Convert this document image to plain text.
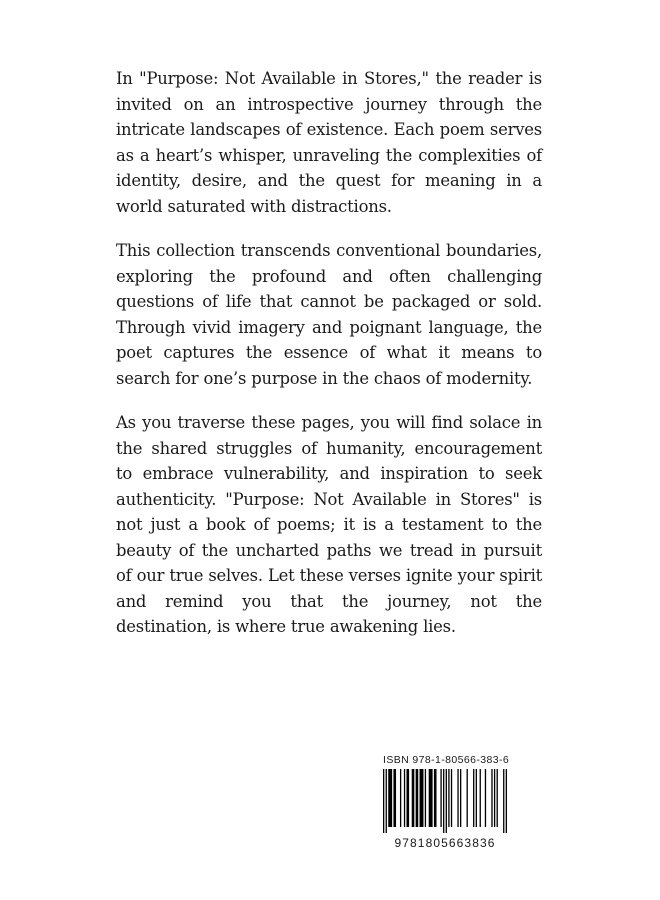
In "Purpose: Not Available in Stores," the reader is invited on an introspective journey through the intricate landscapes of existence. Each poem serves as a heart’s whisper, unraveling the complexities of identity, desire, and the quest for meaning in a world saturated with distractions.

This collection transcends conventional boundaries, exploring the profound and often challenging questions of life that cannot be packaged or sold. Through vivid imagery and poignant language, the poet captures the essence of what it means to search for one’s purpose in the chaos of modernity.

As you traverse these pages, you will find solace in the shared struggles of humanity, encouragement to embrace vulnerability, and inspiration to seek authenticity. "Purpose: Not Available in Stores" is not just a book of poems; it is a testament to the beauty of the uncharted paths we tread in pursuit of our true selves. Let these verses ignite your spirit and remind you that the journey, not the destination, is where true awakening lies.

ISBN 978-1-80566-383-6
9781805663836
